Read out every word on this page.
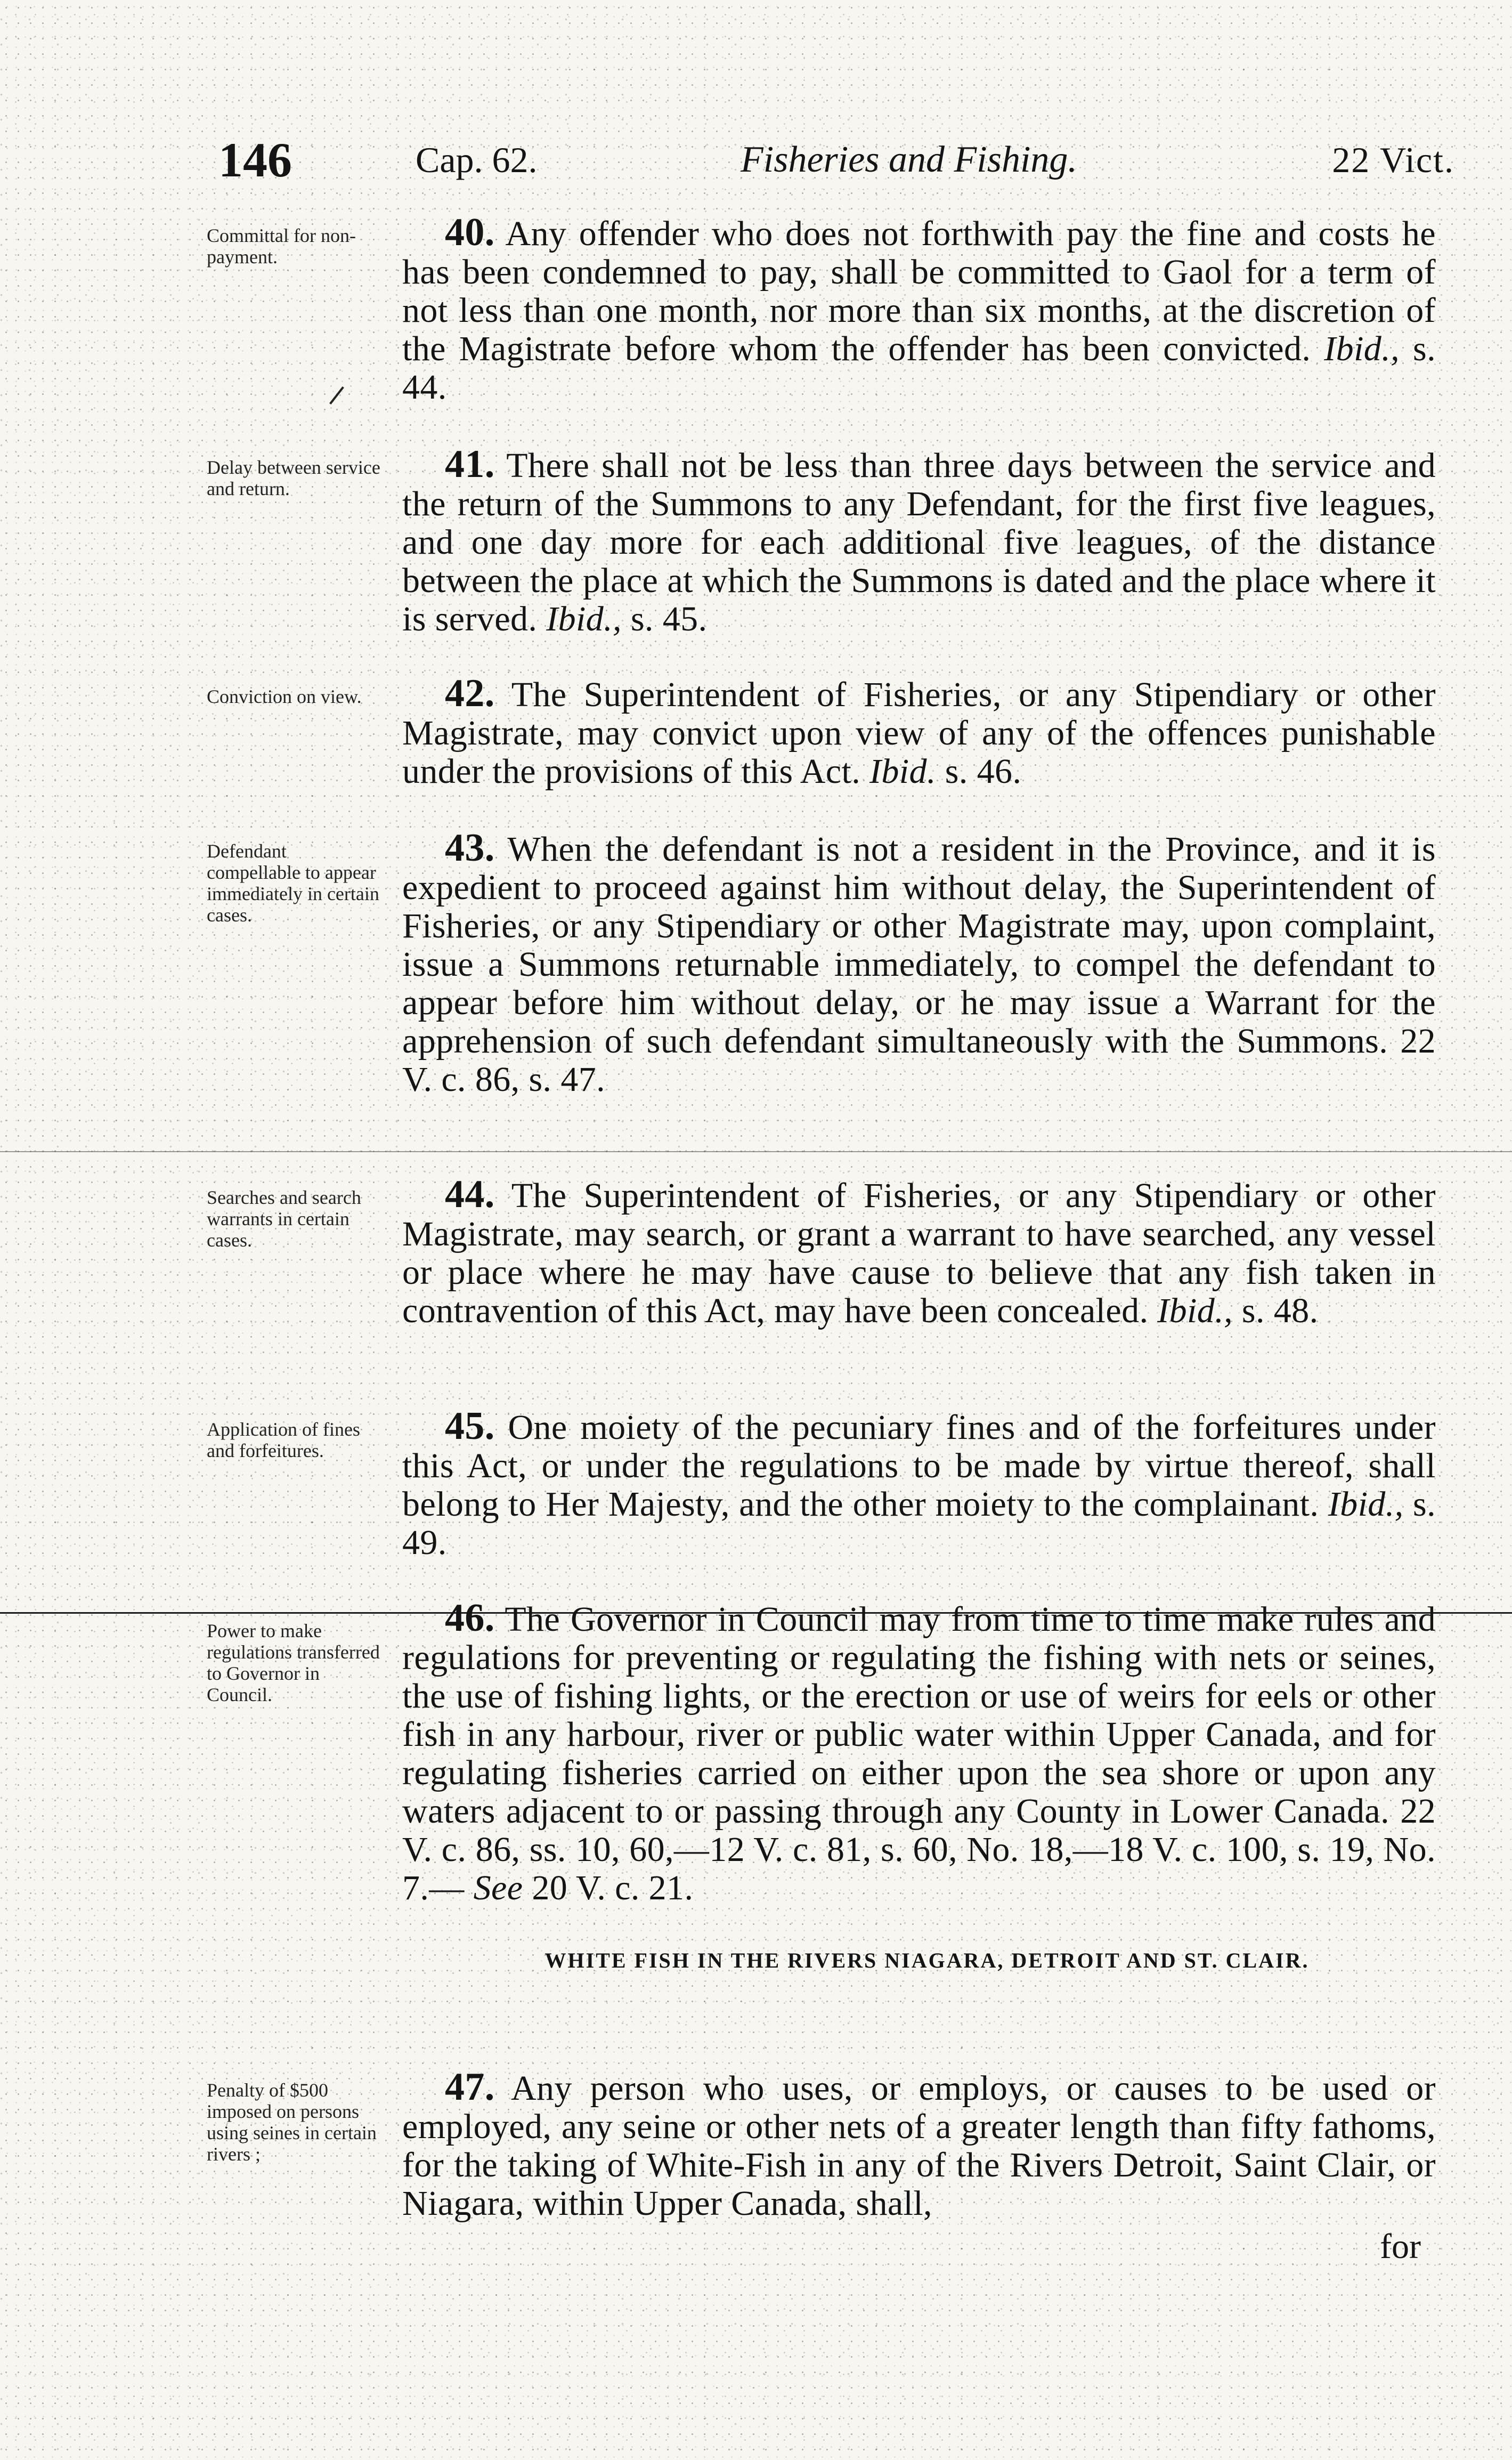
146	Cap. 62.	Fisheries and Fishing.	22 Vict.
Committal for non-payment.
40. Any offender who does not forthwith pay the fine and costs he has been condemned to pay, shall be committed to Gaol for a term of not less than one month, nor more than six months, at the discretion of the Magistrate before whom the offender has been convicted. Ibid., s. 44.
Delay between service and return.
41. There shall not be less than three days between the service and the return of the Summons to any Defendant, for the first five leagues, and one day more for each additional five leagues, of the distance between the place at which the Summons is dated and the place where it is served. Ibid., s. 45.
Conviction on view.	42. The Superintendent of Fisheries, or any Stipendiary or other Magistrate, may convict upon view of any of the offences punishable under the provisions of this Act. Ibid. s. 46.
Defendant compellable to appear immediately in certain cases.
43. When the defendant is not a resident in the Province, and it is expedient to proceed against him without delay, the Superintendent of Fisheries, or any Stipendiary or other Magistrate may, upon complaint, issue a Summons returnable immediately, to compel the defendant to appear before him without delay, or he may issue a Warrant for the apprehension of such defendant simultaneously with the Summons. 22 V. c. 86, s. 47.
Searches and search warrants in certain cases.
44. The Superintendent of Fisheries, or any Stipendiary or other Magistrate, may search, or grant a warrant to have searched, any vessel or place where he may have cause to believe that any fish taken in contravention of this Act, may have been concealed. Ibid., s. 48.
Application of fines and forfeitures.
45. One moiety of the pecuniary fines and of the forfeitures under this Act, or under the regulations to be made by virtue thereof, shall belong to Her Majesty, and the other moiety to the complainant. Ibid., s. 49.
Power to make regulations transferred to Governor in Council.
46. The Governor in Council may from time to time make rules and regulations for preventing or regulating the fishing with nets or seines, the use of fishing lights, or the erection or use of weirs for eels or other fish in any harbour, river or public water within Upper Canada, and for regulating fisheries carried on either upon the sea shore or upon any waters adjacent to or passing through any County in Lower Canada. 22 V. c. 86, ss. 10, 60,—12 V. c. 81, s. 60, No. 18,—18 V. c. 100, s. 19, No. 7.— See 20 V. c. 21.
WHITE FISH IN THE RIVERS NIAGARA, DETROIT AND ST. CLAIR.
Penalty of $500 imposed on persons using seines in certain rivers ;
47. Any person who uses, or employs, or causes to be used or employed, any seine or other nets of a greater length than fifty fathoms, for the taking of White-Fish in any of the Rivers Detroit, Saint Clair, or Niagara, within Upper Canada, shall,
for
